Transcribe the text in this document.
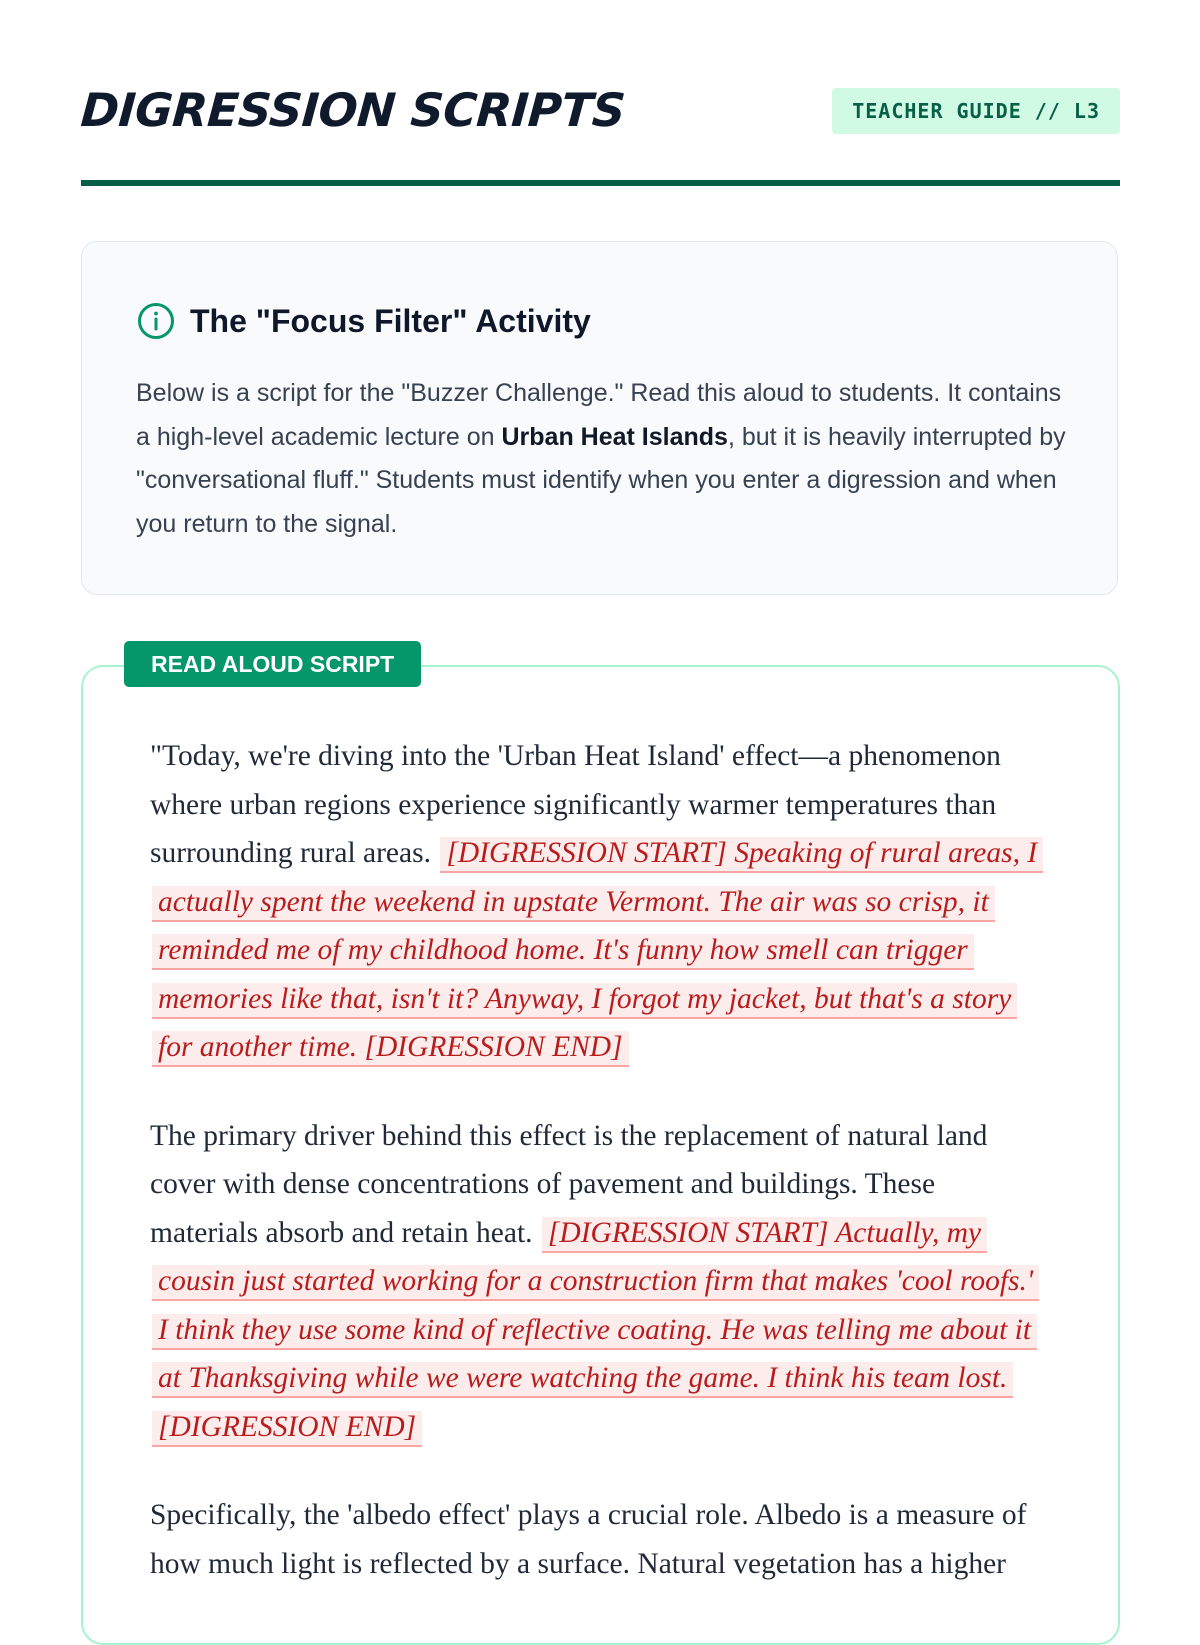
DIGRESSION SCRIPTS	TEACHER GUIDE // L3
The "Focus Filter" Activity

Below is a script for the "Buzzer Challenge." Read this aloud to students. It contains a high-level academic lecture on Urban Heat Islands, but it is heavily interrupted by "conversational fluff." Students must identify when you enter a digression and when you return to the signal.

READ ALOUD SCRIPT

"Today, we're diving into the 'Urban Heat Island' effect—a phenomenon where urban regions experience significantly warmer temperatures than surrounding rural areas. [DIGRESSION START] Speaking of rural areas, I actually spent the weekend in upstate Vermont. The air was so crisp, it reminded me of my childhood home. It's funny how smell can trigger memories like that, isn't it? Anyway, I forgot my jacket, but that's a story for another time. [DIGRESSION END]

The primary driver behind this effect is the replacement of natural land cover with dense concentrations of pavement and buildings. These materials absorb and retain heat. [DIGRESSION START] Actually, my cousin just started working for a construction firm that makes 'cool roofs.' I think they use some kind of reflective coating. He was telling me about it at Thanksgiving while we were watching the game. I think his team lost. [DIGRESSION END]

Specifically, the 'albedo effect' plays a crucial role. Albedo is a measure of how much light is reflected by a surface. Natural vegetation has a higher
